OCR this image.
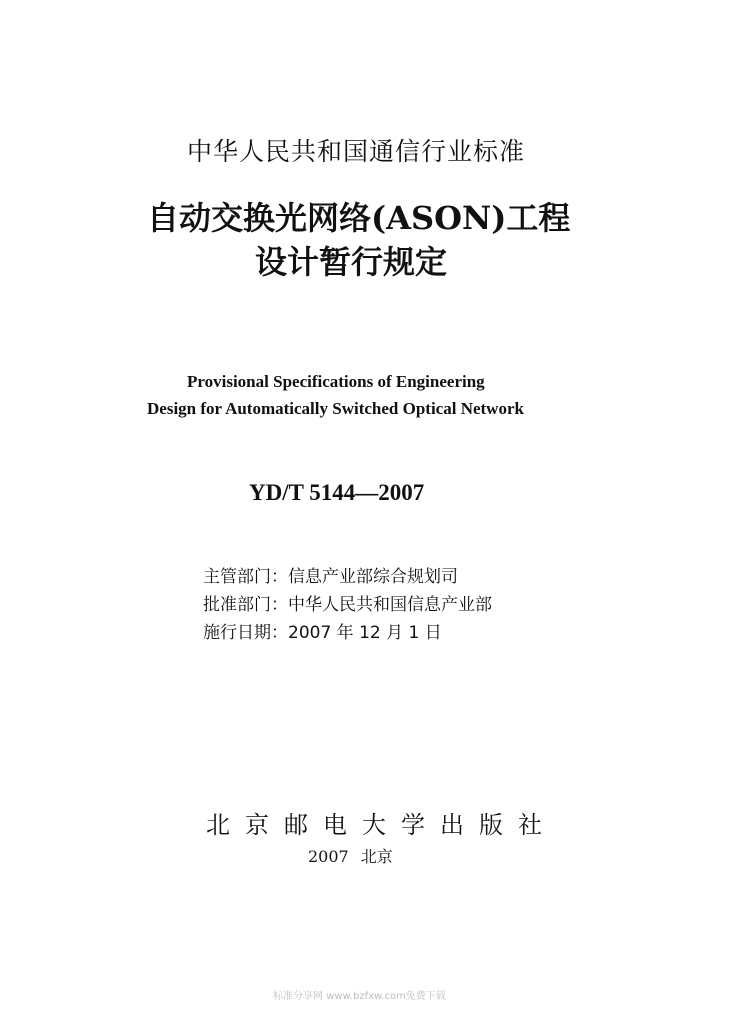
中华人民共和国通信行业标准
自动交换光网络(ASON)工程
设计暂行规定
Provisional Specifications of Engineering
Design for Automatically Switched Optical Network
YD/T 5144—2007
主管部门：信息产业部综合规划司
批准部门：中华人民共和国信息产业部
施行日期：2007 年 12 月 1 日
北京邮电大学出版社
2007 北京
标准分享网 www.bzfxw.com免费下载
